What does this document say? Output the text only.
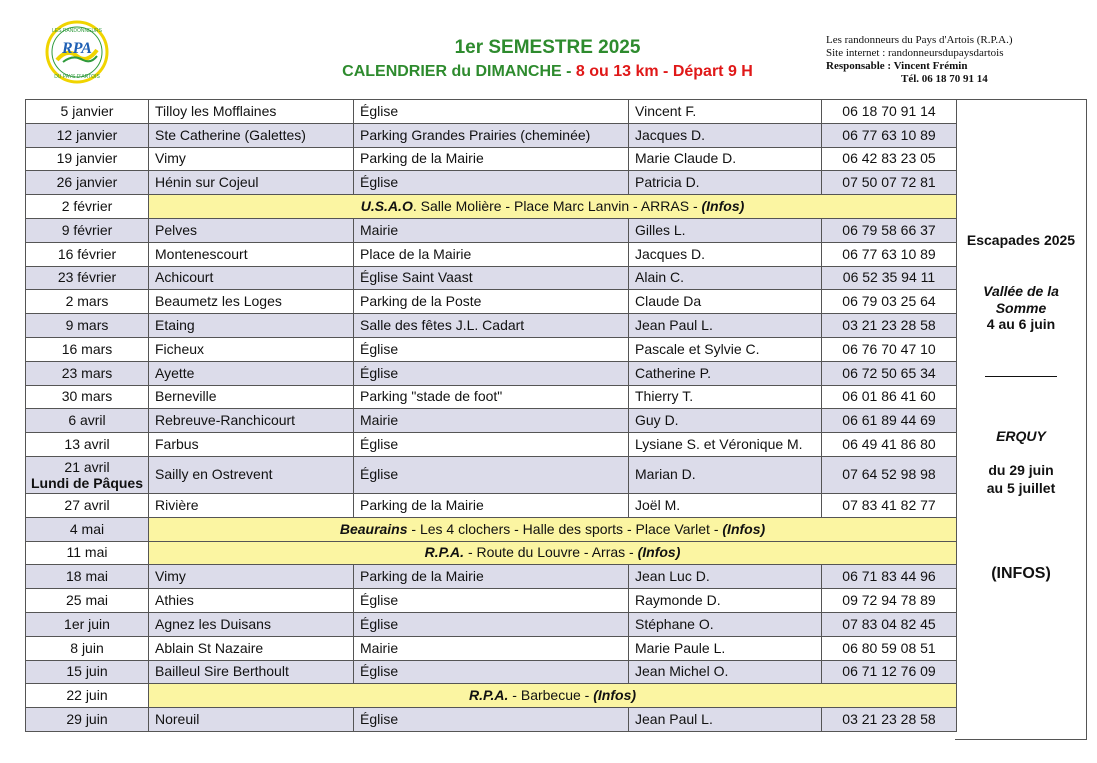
RPA
LES RANDONNEURS
DU PAYS D'ARTOIS
1er SEMESTRE 2025
CALENDRIER du DIMANCHE - 8 ou 13 km - Départ 9 H
Les randonneurs du Pays d'Artois (R.P.A.)
Site internet : randonneursdupaysdartois
Responsable : Vincent Frémin
Tél. 06 18 70 91 14
5 janvier	Tilloy les Mofflaines	Église	Vincent F.	06 18 70 91 14
12 janvier	Ste Catherine (Galettes)	Parking Grandes Prairies (cheminée)	Jacques D.	06 77 63 10 89
19 janvier	Vimy	Parking de la Mairie	Marie Claude D.	06 42 83 23 05
26 janvier	Hénin sur Cojeul	Église	Patricia D.	07 50 07 72 81
2 février	U.S.A.O. Salle Molière - Place Marc Lanvin - ARRAS - (Infos)			
9 février	Pelves	Mairie	Gilles L.	06 79 58 66 37
16 février	Montenescourt	Place de la Mairie	Jacques D.	06 77 63 10 89
23 février	Achicourt	Église Saint Vaast	Alain C.	06 52 35 94 11
2 mars	Beaumetz les Loges	Parking de la Poste	Claude Da	06 79 03 25 64
9 mars	Etaing	Salle des fêtes J.L. Cadart	Jean Paul L.	03 21 23 28 58
16 mars	Ficheux	Église	Pascale et Sylvie C.	06 76 70 47 10
23 mars	Ayette	Église	Catherine P.	06 72 50 65 34
30 mars	Berneville	Parking "stade de foot"	Thierry T.	06 01 86 41 60
6 avril	Rebreuve-Ranchicourt	Mairie	Guy D.	06 61 89 44 69
13 avril	Farbus	Église	Lysiane S. et Véronique M.	06 49 41 86 80

21 avril
Lundi de Pâques	Sailly en Ostrevent	Église	Marian D.	07 64 52 98 98
27 avril	Rivière	Parking de la Mairie	Joël M.	07 83 41 82 77
4 mai	Beaurains - Les 4 clochers - Halle des sports - Place Varlet - (Infos)			
11 mai	R.P.A. - Route du Louvre - Arras - (Infos)			
18 mai	Vimy	Parking de la Mairie	Jean Luc D.	06 71 83 44 96
25 mai	Athies	Église	Raymonde D.	09 72 94 78 89
1er juin	Agnez les Duisans	Église	Stéphane O.	07 83 04 82 45
8 juin	Ablain St Nazaire	Mairie	Marie Paule L.	06 80 59 08 51
15 juin	Bailleul Sire Berthoult	Église	Jean Michel O.	06 71 12 76 09
22 juin	R.P.A. - Barbecue - (Infos)			
29 juin	Noreuil	Église	Jean Paul L.	03 21 23 28 58
Escapades 2025
Vallée de la
Somme
4 au 6 juin
ERQUY
du 29 juin
au 5 juillet
(INFOS)
